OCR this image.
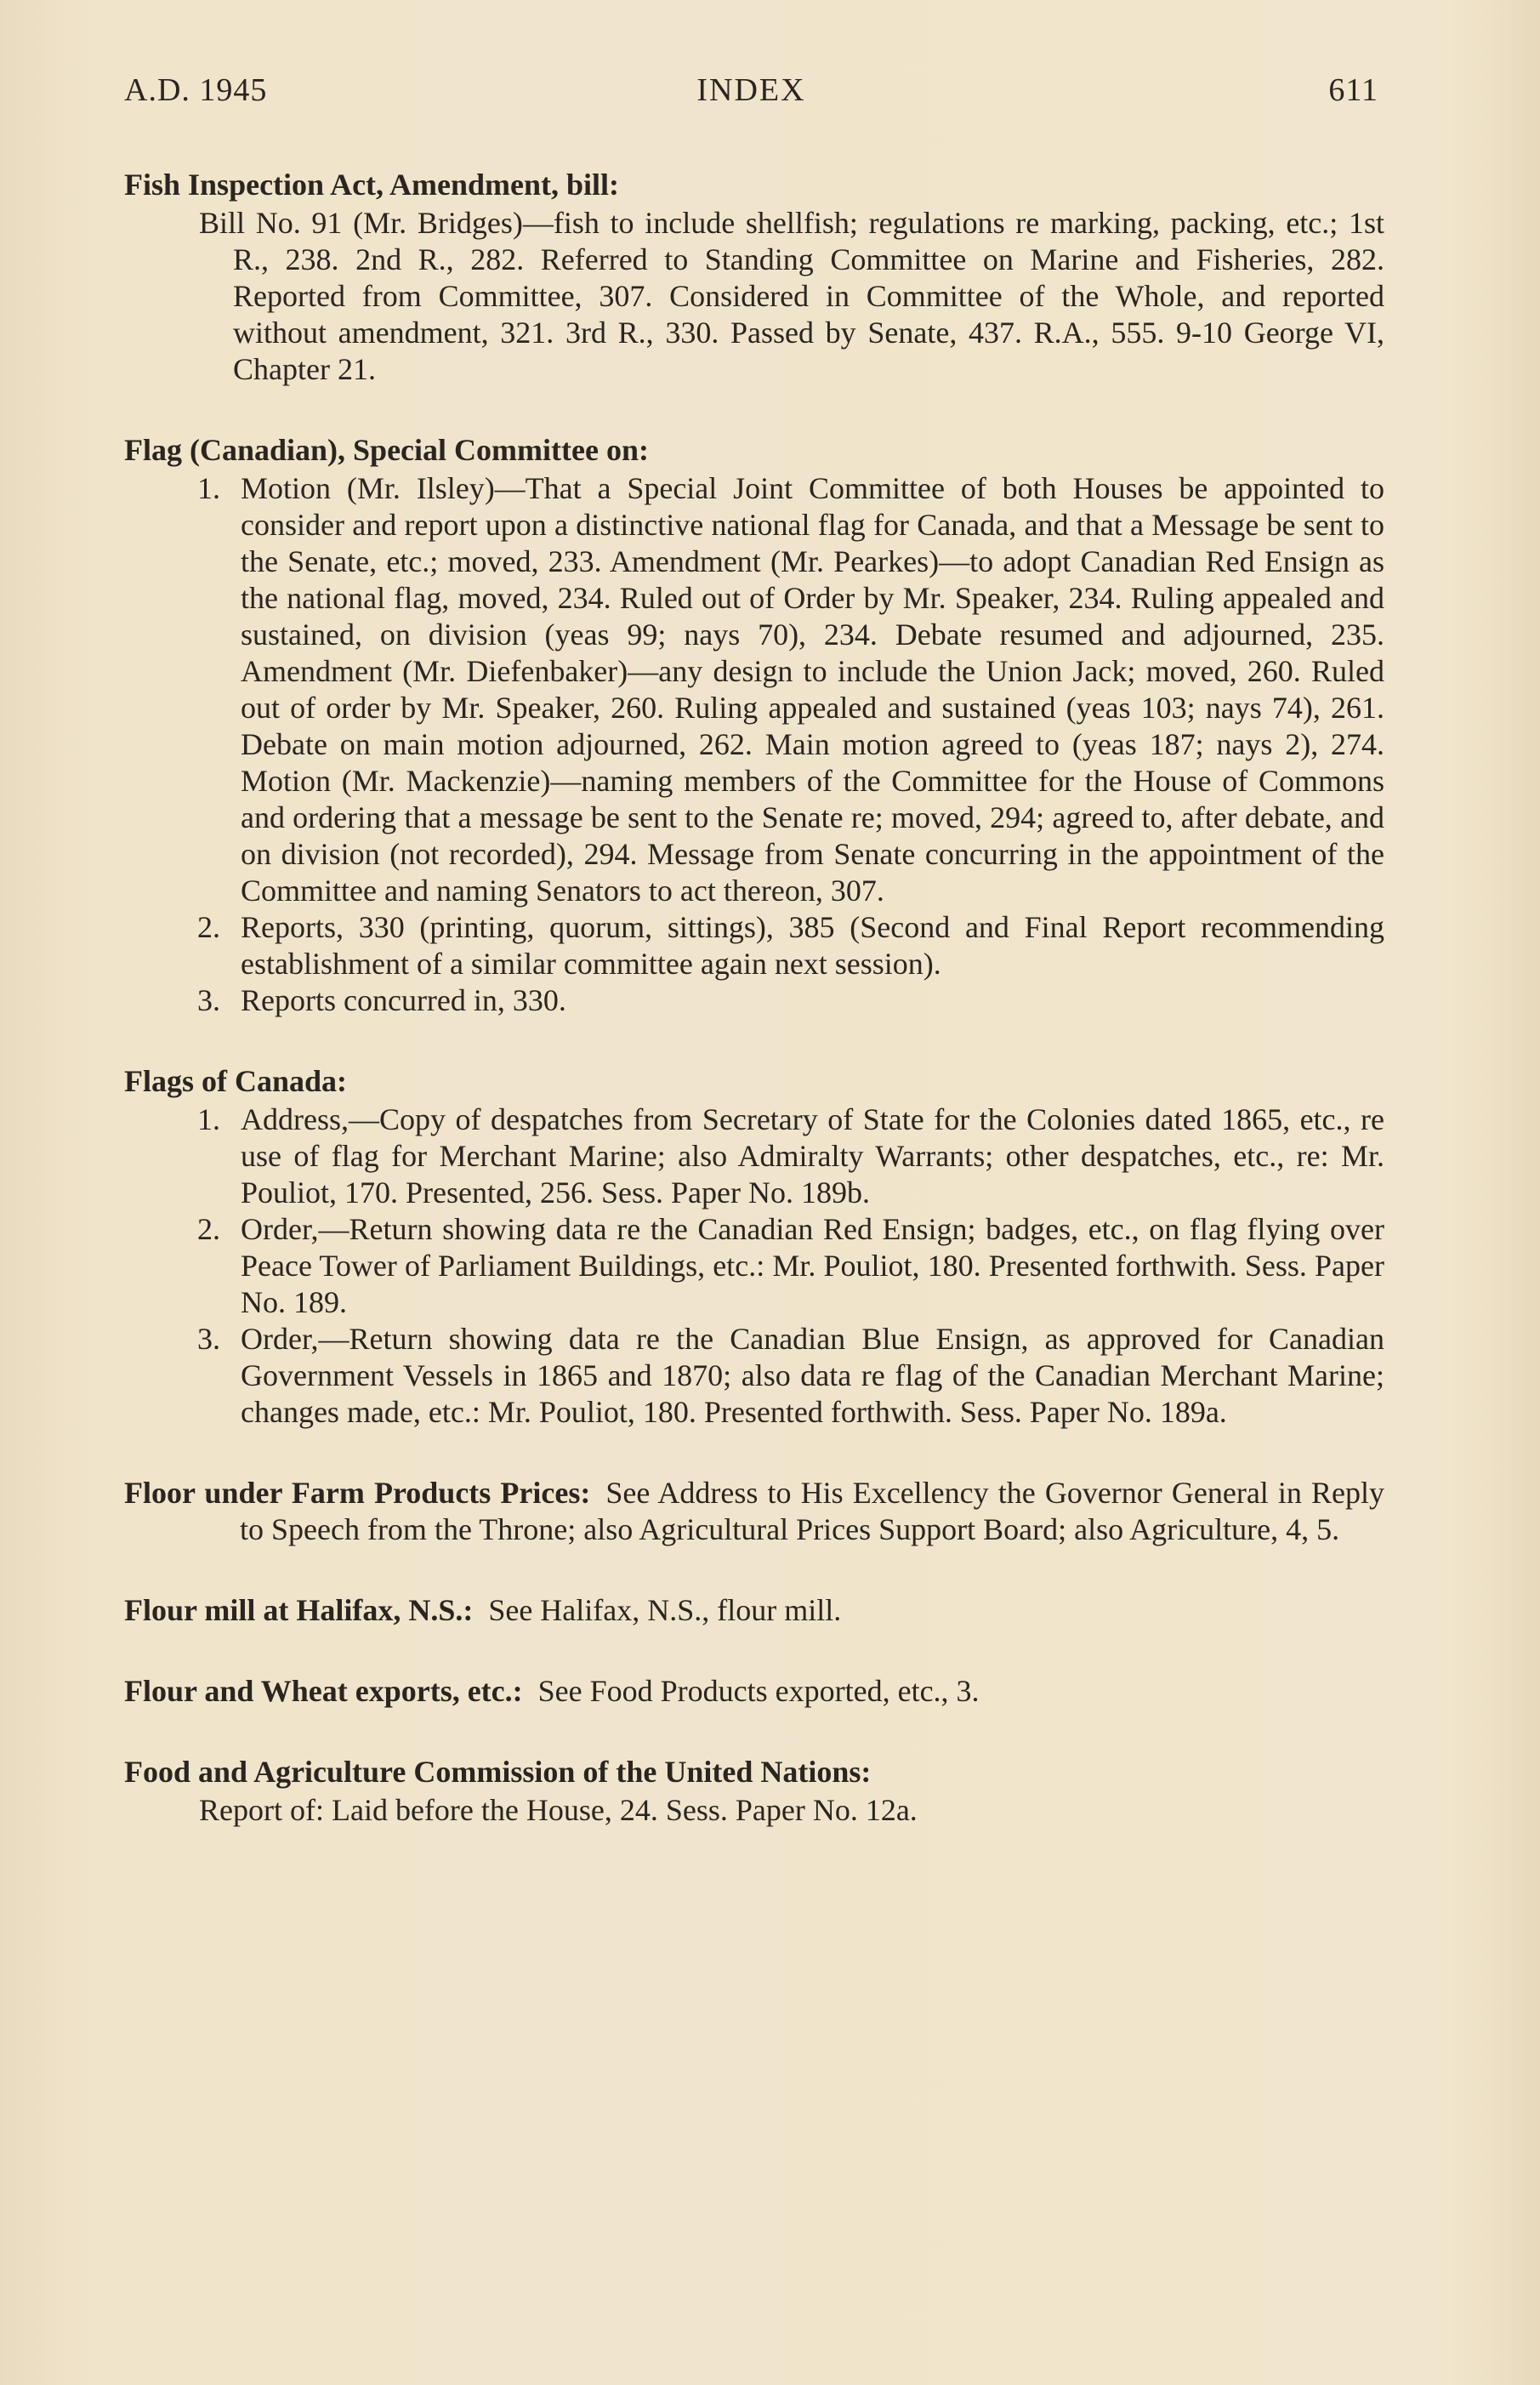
A.D. 1945	INDEX	611
Fish Inspection Act, Amendment, bill:
Bill No. 91 (Mr. Bridges)—fish to include shellfish; regulations re marking, packing, etc.; 1st R., 238. 2nd R., 282. Referred to Standing Committee on Marine and Fisheries, 282. Reported from Committee, 307. Considered in Committee of the Whole, and reported without amendment, 321. 3rd R., 330. Passed by Senate, 437. R.A., 555. 9-10 George VI, Chapter 21.
Flag (Canadian), Special Committee on:
1. Motion (Mr. Ilsley)—That a Special Joint Committee of both Houses be appointed to consider and report upon a distinctive national flag for Canada, and that a Message be sent to the Senate, etc.; moved, 233. Amendment (Mr. Pearkes)—to adopt Canadian Red Ensign as the national flag, moved, 234. Ruled out of Order by Mr. Speaker, 234. Ruling appealed and sustained, on division (yeas 99; nays 70), 234. Debate resumed and adjourned, 235. Amendment (Mr. Diefenbaker)—any design to include the Union Jack; moved, 260. Ruled out of order by Mr. Speaker, 260. Ruling appealed and sustained (yeas 103; nays 74), 261. Debate on main motion adjourned, 262. Main motion agreed to (yeas 187; nays 2), 274. Motion (Mr. Mackenzie)—naming members of the Committee for the House of Commons and ordering that a message be sent to the Senate re; moved, 294; agreed to, after debate, and on division (not recorded), 294. Message from Senate concurring in the appointment of the Committee and naming Senators to act thereon, 307.
2. Reports, 330 (printing, quorum, sittings), 385 (Second and Final Report recommending establishment of a similar committee again next session).
3. Reports concurred in, 330.
Flags of Canada:
1. Address,—Copy of despatches from Secretary of State for the Colonies dated 1865, etc., re use of flag for Merchant Marine; also Admiralty Warrants; other despatches, etc., re: Mr. Pouliot, 170. Presented, 256. Sess. Paper No. 189b.
2. Order,—Return showing data re the Canadian Red Ensign; badges, etc., on flag flying over Peace Tower of Parliament Buildings, etc.: Mr. Pouliot, 180. Presented forthwith. Sess. Paper No. 189.
3. Order,—Return showing data re the Canadian Blue Ensign, as approved for Canadian Government Vessels in 1865 and 1870; also data re flag of the Canadian Merchant Marine; changes made, etc.: Mr. Pouliot, 180. Presented forthwith. Sess. Paper No. 189a.
Floor under Farm Products Prices: See Address to His Excellency the Governor General in Reply to Speech from the Throne; also Agricultural Prices Support Board; also Agriculture, 4, 5.
Flour mill at Halifax, N.S.: See Halifax, N.S., flour mill.
Flour and Wheat exports, etc.: See Food Products exported, etc., 3.
Food and Agriculture Commission of the United Nations:
Report of: Laid before the House, 24. Sess. Paper No. 12a.
